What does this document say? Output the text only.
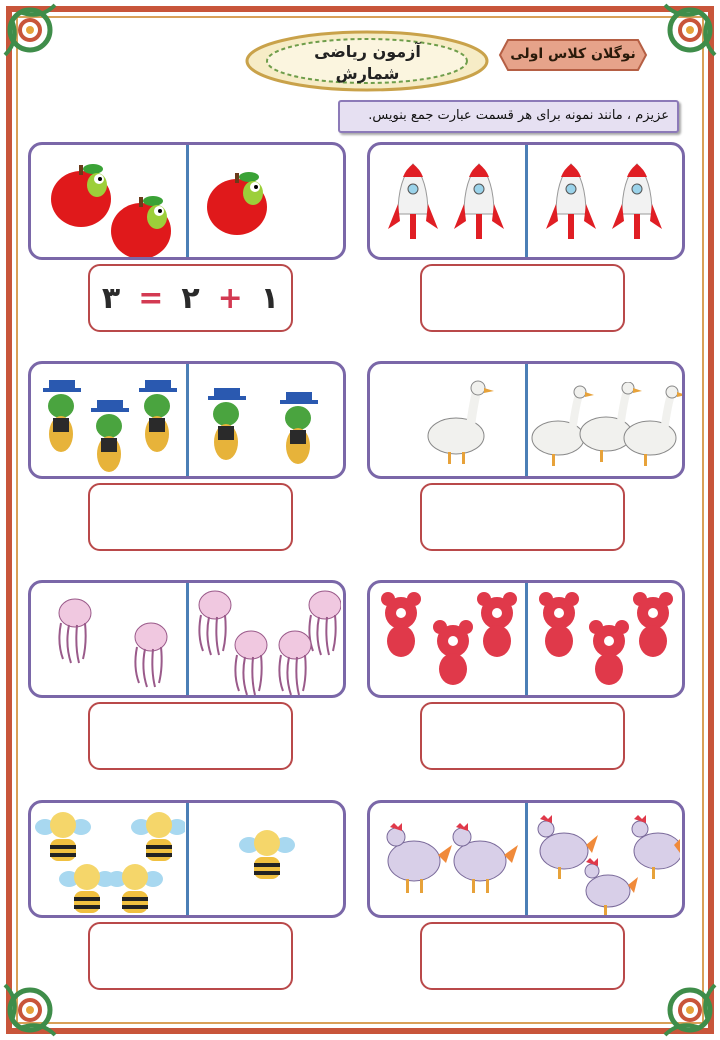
آزمون ریاضی
شمارش
نوگلان کلاس اولی
عزیزم ، مانند نمونه برای هر قسمت عبارت جمع بنویس.
۳ = ۲ + ۱
